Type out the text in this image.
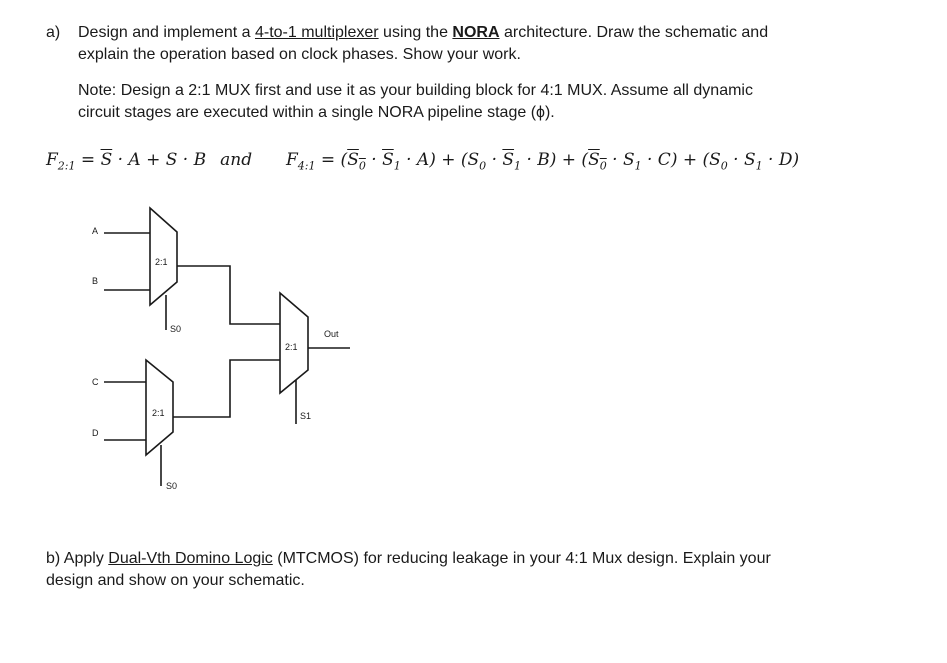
a) Design and implement a 4-to-1 multiplexer using the NORA architecture. Draw the schematic and
explain the operation based on clock phases. Show your work.
Note: Design a 2:1 MUX first and use it as your building block for 4:1 MUX. Assume all dynamic
circuit stages are executed within a single NORA pipeline stage (ϕ).
$F_{2:1} = \overline{S} \cdot A + S \cdot B$ and	$F_{4:1} = (S_0 \cdot \overline{S}_1 \cdot A) + (S_0 \cdot \overline{S}_1 \cdot B) + (S_0 \cdot S_1 \cdot C) + (S_0 \cdot S_1 \cdot D)$
A
B
C
D
2:1
2:1
2:1
S0
S0
S1
Out
b) Apply Dual-Vth Domino Logic (MTCMOS) for reducing leakage in your 4:1 Mux design. Explain your
design and show on your schematic.
